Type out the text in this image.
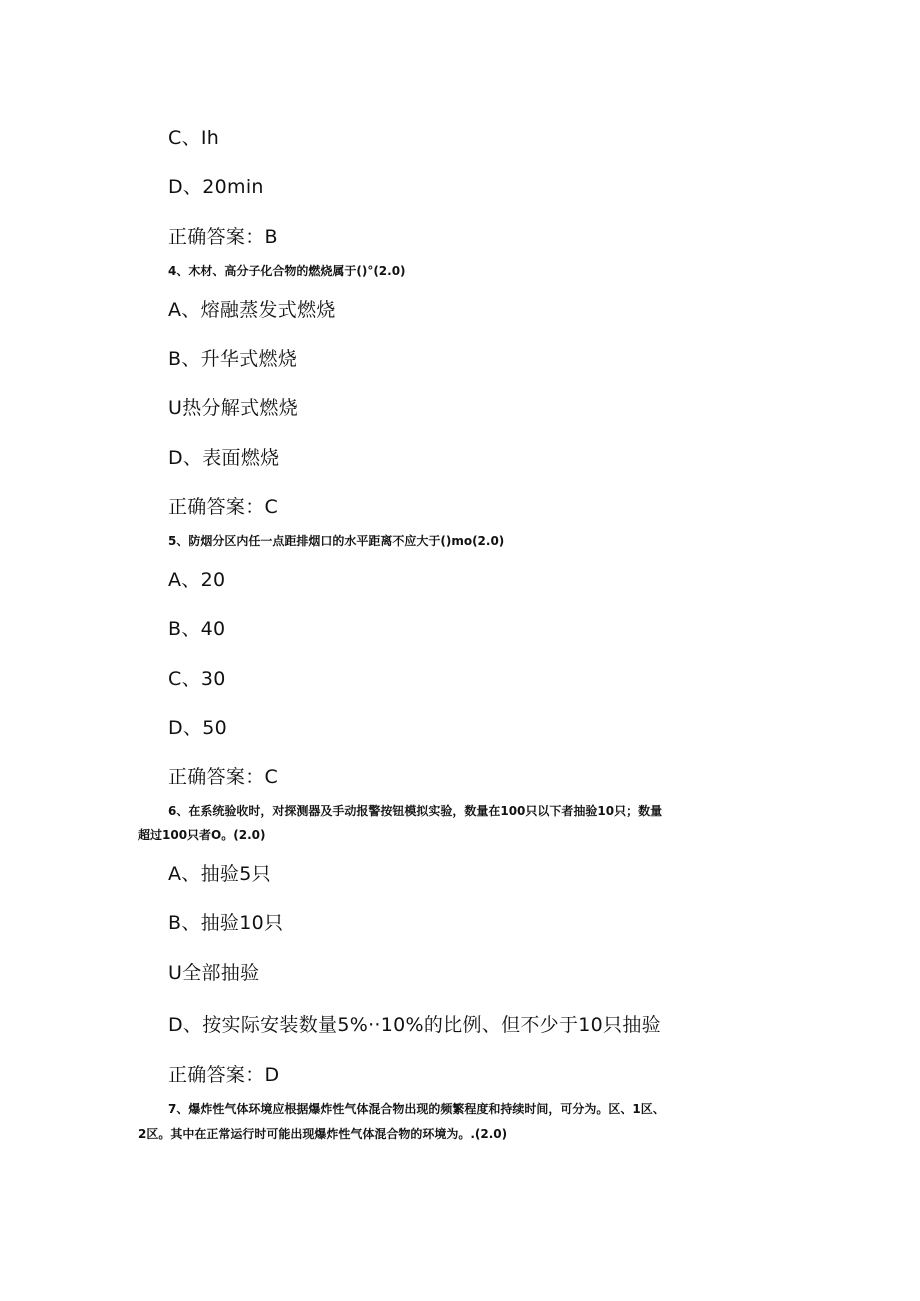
C、Ih
D、20min
正确答案：B
4、木材、高分子化合物的燃烧属于()°(2.0)
A、熔融蒸发式燃烧
B、升华式燃烧
U热分解式燃烧
D、表面燃烧
正确答案：C
5、防烟分区内任一点距排烟口的水平距离不应大于()mo(2.0)
A、20
B、40
C、30
D、50
正确答案：C
6、在系统验收时，对探测器及手动报警按钮模拟实验，数量在100只以下者抽验10只；数量
超过100只者O。(2.0)
A、抽验5只
B、抽验10只
U全部抽验
D、按实际安装数量5%··10%的比例、但不少于10只抽验
正确答案：D
7、爆炸性气体环境应根据爆炸性气体混合物出现的频繁程度和持续时间，可分为。区、1区、
2区。其中在正常运行时可能出现爆炸性气体混合物的环境为。.(2.0)
